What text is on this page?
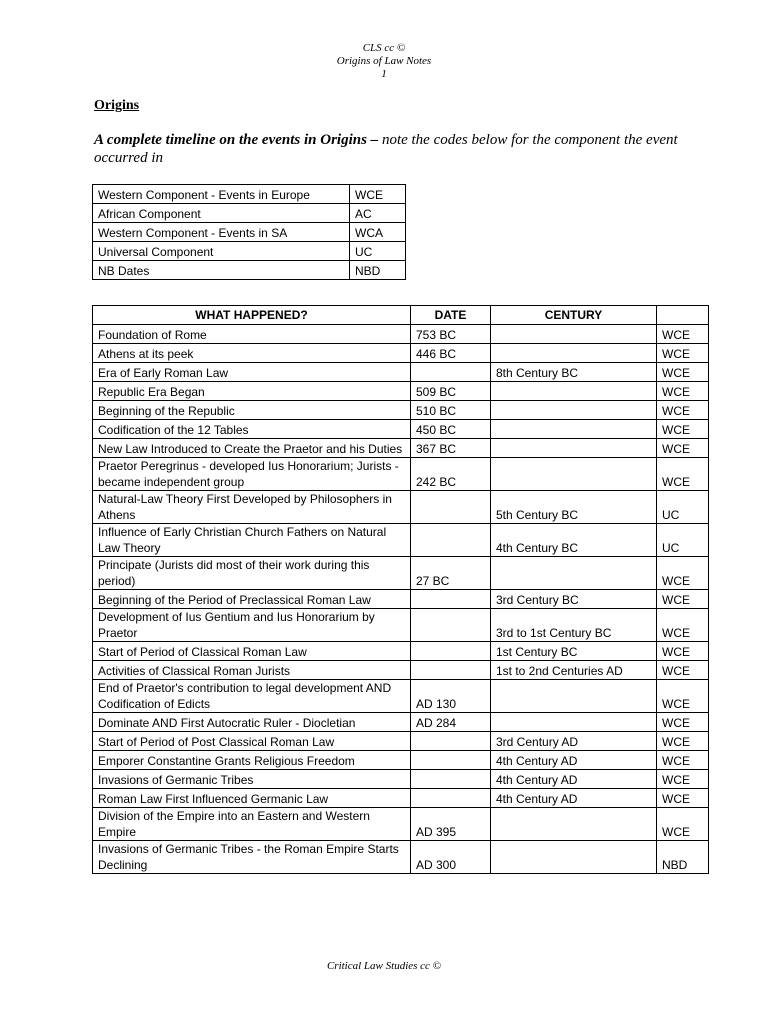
CLS cc ©
Origins of Law Notes
1
Origins
A complete timeline on the events in Origins – note the codes below for the component the event occurred in
Western Component - Events in Europe	WCE
African Component	AC
Western Component - Events in SA	WCA
Universal Component	UC
NB Dates	NBD
WHAT HAPPENED?	DATE	CENTURY	
Foundation of Rome	753 BC		WCE
Athens at its peek	446 BC		WCE
Era of Early Roman Law		8th Century BC	WCE
Republic Era Began	509 BC		WCE
Beginning of the Republic	510 BC		WCE
Codification of the 12 Tables	450 BC		WCE
New Law Introduced to Create the Praetor and his Duties	367 BC		WCE
Praetor Peregrinus - developed Ius Honorarium; Jurists - became independent group	242 BC		WCE
Natural-Law Theory First Developed by Philosophers in Athens		5th Century BC	UC
Influence of Early Christian Church Fathers on Natural Law Theory		4th Century BC	UC
Principate (Jurists did most of their work during this period)	27 BC		WCE
Beginning of the Period of Preclassical Roman Law		3rd Century BC	WCE
Development of Ius Gentium and Ius Honorarium by Praetor		3rd to 1st Century BC	WCE
Start of Period of Classical Roman Law		1st Century BC	WCE
Activities of Classical Roman Jurists		1st to 2nd Centuries AD	WCE
End of Praetor's contribution to legal development AND Codification of Edicts	AD 130		WCE
Dominate AND First Autocratic Ruler - Diocletian	AD 284		WCE
Start of Period of Post Classical Roman Law		3rd Century AD	WCE
Emporer Constantine Grants Religious Freedom		4th Century AD	WCE
Invasions of Germanic Tribes		4th Century AD	WCE
Roman Law First Influenced Germanic Law		4th Century AD	WCE
Division of the Empire into an Eastern and Western Empire	AD 395		WCE
Invasions of Germanic Tribes - the Roman Empire Starts Declining	AD 300		NBD
Critical Law Studies cc ©
